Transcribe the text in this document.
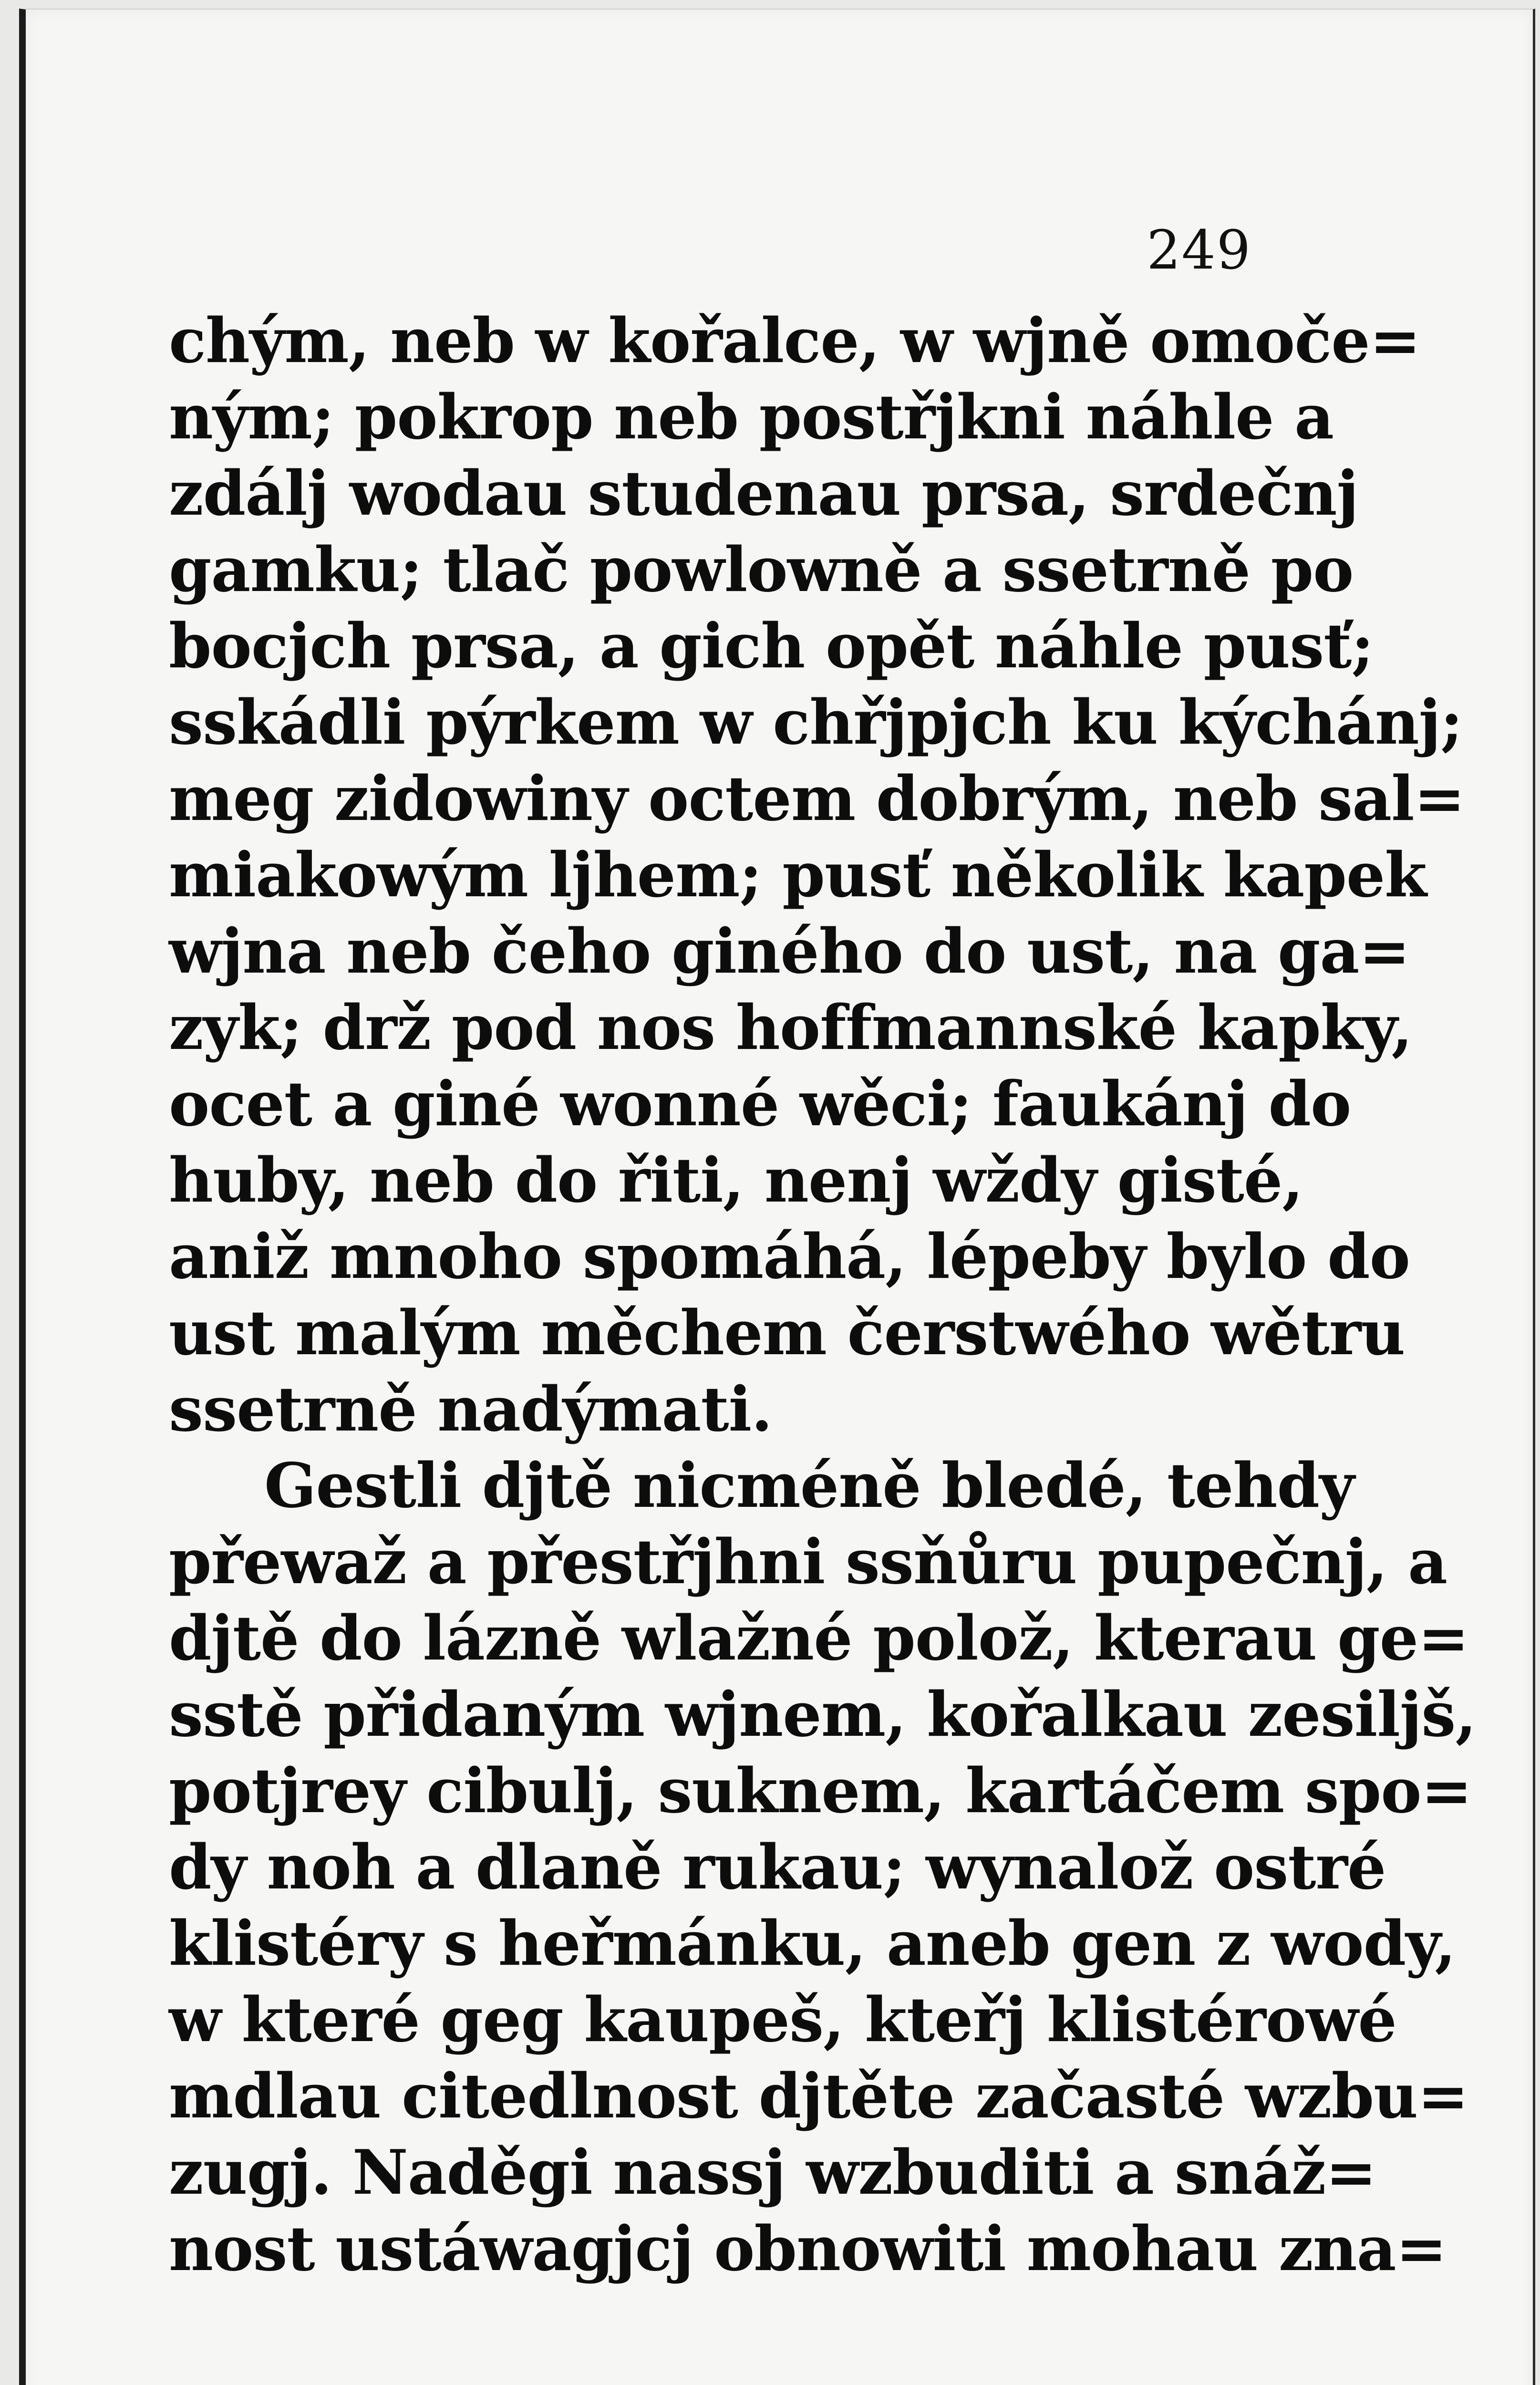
249
chým, neb w kořalce, w wjně omoče=
ným; pokrop neb postřjkni náhle a
zdálj wodau studenau prsa, srdečnj
gamku; tlač powlowně a ssetrně po
bocjch prsa, a gich opět náhle pusť;
sskádli pýrkem w chřjpjch ku kýchánj;
meg zidowiny octem dobrým, neb sal=
miakowým ljhem; pusť několik kapek
wjna neb čeho giného do ust, na ga=
zyk; drž pod nos hoffmannské kapky,
ocet a giné wonné wěci; faukánj do
huby, neb do řiti, nenj wždy gisté,
aniž mnoho spomáhá, lépeby bylo do
ust malým měchem čerstwého wětru
ssetrně nadýmati.
Gestli djtě nicméně bledé, tehdy
přewaž a přestřjhni ssňůru pupečnj, a
djtě do lázně wlažné polož, kterau ge=
sstě přidaným wjnem, kořalkau zesiljš,
potjrey cibulj, suknem, kartáčem spo=
dy noh a dlaně rukau; wynalož ostré
klistéry s heřmánku, aneb gen z wody,
w které geg kaupeš, kteřj klistérowé
mdlau citedlnost djtěte začasté wzbu=
zugj. Naděgi nassj wzbuditi a snáž=
nost ustáwagjcj obnowiti mohau zna=
